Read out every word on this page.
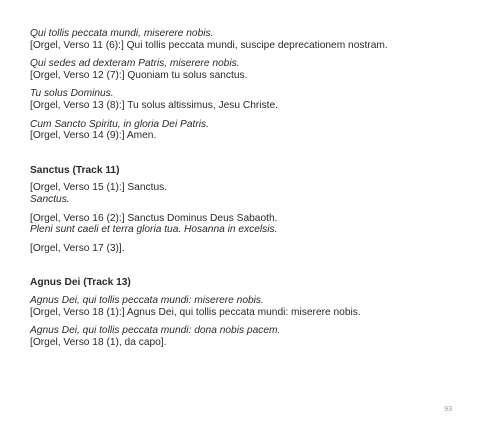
Qui tollis peccata mundi, miserere nobis.

[Orgel, Verso 11 (6):] Qui tollis peccata mundi, suscipe deprecationem nostram.

Qui sedes ad dexteram Patris, miserere nobis.

[Orgel, Verso 12 (7):] Quoniam tu solus sanctus.

Tu solus Dominus.

[Orgel, Verso 13 (8):] Tu solus altissimus, Jesu Christe.

Cum Sancto Spiritu, in gloria Dei Patris.

[Orgel, Verso 14 (9):] Amen.

Sanctus (Track 11)

[Orgel, Verso 15 (1):] Sanctus.

Sanctus.

[Orgel, Verso 16 (2):] Sanctus Dominus Deus Sabaoth.

Pleni sunt caeli et terra gloria tua. Hosanna in excelsis.

[Orgel, Verso 17 (3)].

Agnus Dei (Track 13)

Agnus Dei, qui tollis peccata mundi: miserere nobis.

[Orgel, Verso 18 (1):] Agnus Dei, qui tollis peccata mundi: miserere nobis.

Agnus Dei, qui tollis peccata mundi: dona nobis pacem.

[Orgel, Verso 18 (1), da capo].

93
